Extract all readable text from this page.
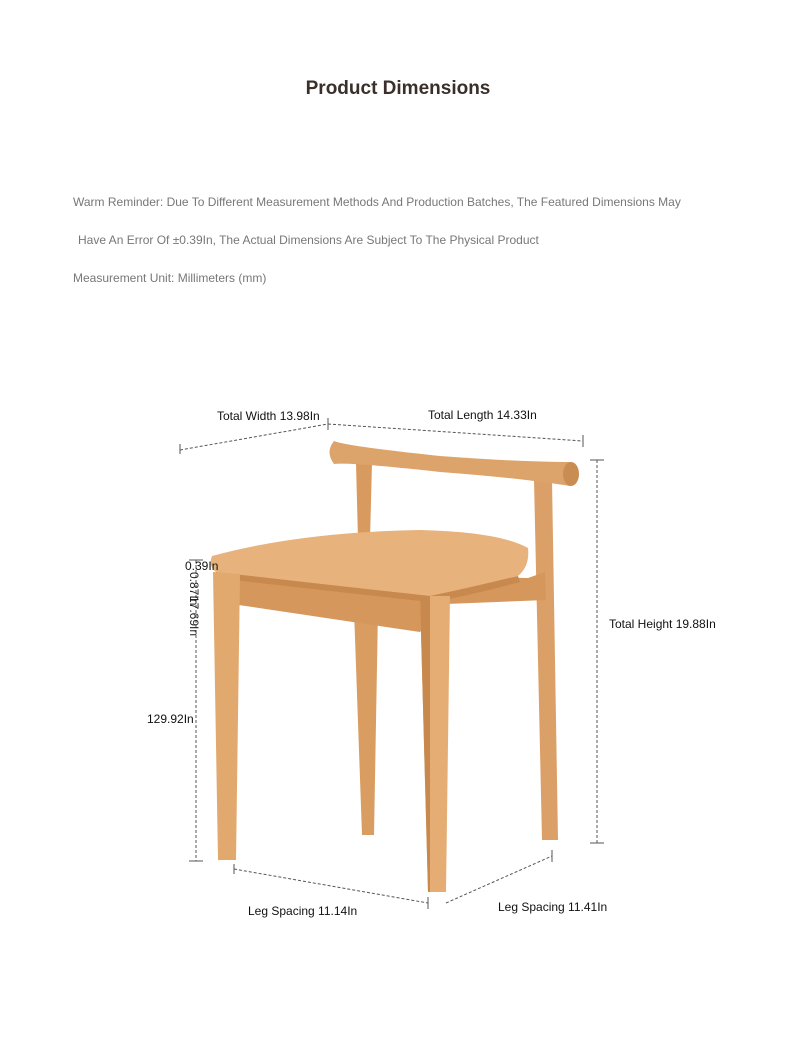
Product Dimensions
Warm Reminder: Due To Different Measurement Methods And Production Batches, The Featured Dimensions May
Have An Error Of ±0.39In, The Actual Dimensions Are Subject To The Physical Product
Measurement Unit: Millimeters (mm)
Total Width 13.98In	Total Length 14.33In
Total Height 19.88In
0.39In
0.87In
17.69In
129.92In
Leg Spacing 11.14In	Leg Spacing 11.41In
